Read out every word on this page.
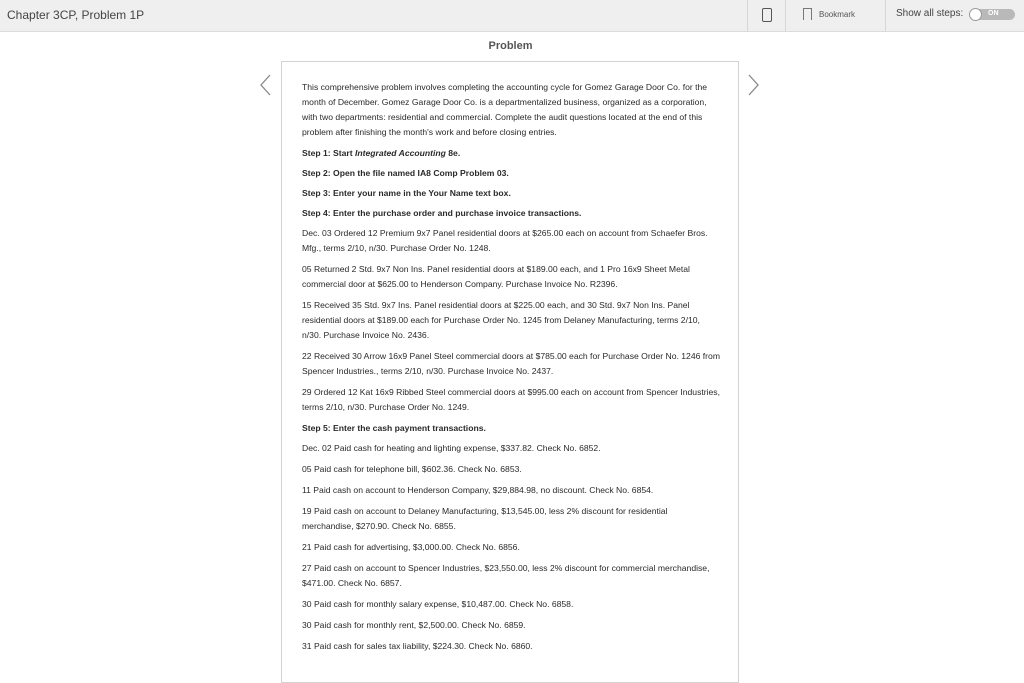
Chapter 3CP, Problem 1P	Bookmark	Show all steps:	ON
Problem

This comprehensive problem involves completing the accounting cycle for Gomez Garage Door Co. for the month of December. Gomez Garage Door Co. is a departmentalized business, organized as a corporation, with two departments: residential and commercial. Complete the audit questions located at the end of this problem after finishing the month's work and before closing entries.

Step 1: Start Integrated Accounting 8e.

Step 2: Open the file named IA8 Comp Problem 03.

Step 3: Enter your name in the Your Name text box.

Step 4: Enter the purchase order and purchase invoice transactions.

Dec. 03 Ordered 12 Premium 9x7 Panel residential doors at $265.00 each on account from Schaefer Bros. Mfg., terms 2/10, n/30. Purchase Order No. 1248.

05 Returned 2 Std. 9x7 Non Ins. Panel residential doors at $189.00 each, and 1 Pro 16x9 Sheet Metal commercial door at $625.00 to Henderson Company. Purchase Invoice No. R2396.

15 Received 35 Std. 9x7 Ins. Panel residential doors at $225.00 each, and 30 Std. 9x7 Non Ins. Panel residential doors at $189.00 each for Purchase Order No. 1245 from Delaney Manufacturing, terms 2/10, n/30. Purchase Invoice No. 2436.

22 Received 30 Arrow 16x9 Panel Steel commercial doors at $785.00 each for Purchase Order No. 1246 from Spencer Industries., terms 2/10, n/30. Purchase Invoice No. 2437.

29 Ordered 12 Kat 16x9 Ribbed Steel commercial doors at $995.00 each on account from Spencer Industries, terms 2/10, n/30. Purchase Order No. 1249.

Step 5: Enter the cash payment transactions.

Dec. 02 Paid cash for heating and lighting expense, $337.82. Check No. 6852.

05 Paid cash for telephone bill, $602.36. Check No. 6853.

11 Paid cash on account to Henderson Company, $29,884.98, no discount. Check No. 6854.

19 Paid cash on account to Delaney Manufacturing, $13,545.00, less 2% discount for residential merchandise, $270.90. Check No. 6855.

21 Paid cash for advertising, $3,000.00. Check No. 6856.

27 Paid cash on account to Spencer Industries, $23,550.00, less 2% discount for commercial merchandise, $471.00. Check No. 6857.

30 Paid cash for monthly salary expense, $10,487.00. Check No. 6858.

30 Paid cash for monthly rent, $2,500.00. Check No. 6859.

31 Paid cash for sales tax liability, $224.30. Check No. 6860.
